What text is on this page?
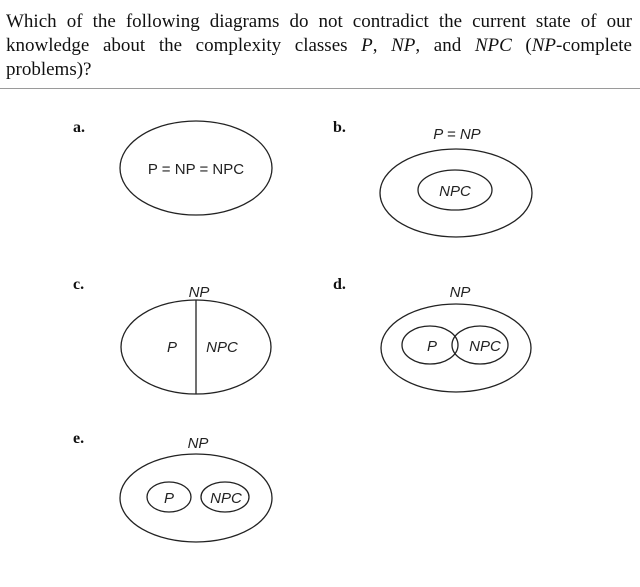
Which of the following diagrams do not contradict the current state of our knowledge about the complexity classes P, NP, and NPC (NP-complete problems)?
a.
P = NP = NPC
b.	P = NP
NPC
c.	NP
P NPC
d.	NP
P NPC
e.	NP
P NPC
